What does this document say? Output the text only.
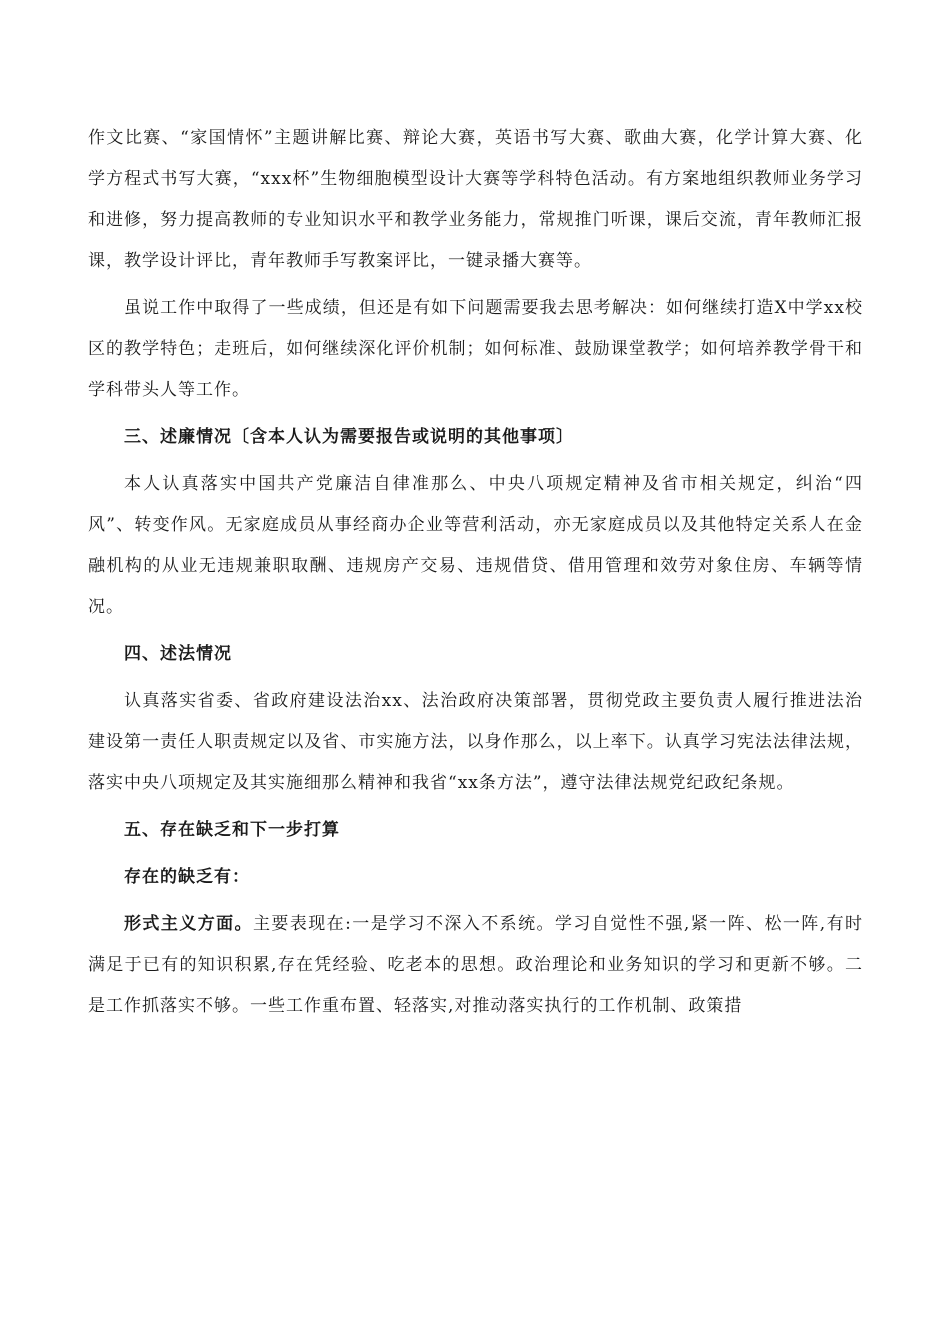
作文比赛、“家国情怀”主题讲解比赛、辩论大赛，英语书写大赛、歌曲大赛，化学计算大赛、化学方程式书写大赛，“xxx杯”生物细胞模型设计大赛等学科特色活动。有方案地组织教师业务学习和进修，努力提高教师的专业知识水平和教学业务能力，常规推门听课，课后交流，青年教师汇报课，教学设计评比，青年教师手写教案评比，一键录播大赛等。

虽说工作中取得了一些成绩，但还是有如下问题需要我去思考解决：如何继续打造X中学xx校区的教学特色；走班后，如何继续深化评价机制；如何标准、鼓励课堂教学；如何培养教学骨干和学科带头人等工作。

三、述廉情况〔含本人认为需要报告或说明的其他事项〕

本人认真落实中国共产党廉洁自律准那么、中央八项规定精神及省市相关规定，纠治“四风”、转变作风。无家庭成员从事经商办企业等营利活动，亦无家庭成员以及其他特定关系人在金融机构的从业无违规兼职取酬、违规房产交易、违规借贷、借用管理和效劳对象住房、车辆等情况。

四、述法情况

认真落实省委、省政府建设法治xx、法治政府决策部署，贯彻党政主要负责人履行推进法治建设第一责任人职责规定以及省、市实施方法，以身作那么，以上率下。认真学习宪法法律法规，落实中央八项规定及其实施细那么精神和我省“xx条方法”，遵守法律法规党纪政纪条规。

五、存在缺乏和下一步打算

存在的缺乏有：

形式主义方面。主要表现在:一是学习不深入不系统。学习自觉性不强,紧一阵、松一阵,有时满足于已有的知识积累,存在凭经验、吃老本的思想。政治理论和业务知识的学习和更新不够。二是工作抓落实不够。一些工作重布置、轻落实,对推动落实执行的工作机制、政策措
